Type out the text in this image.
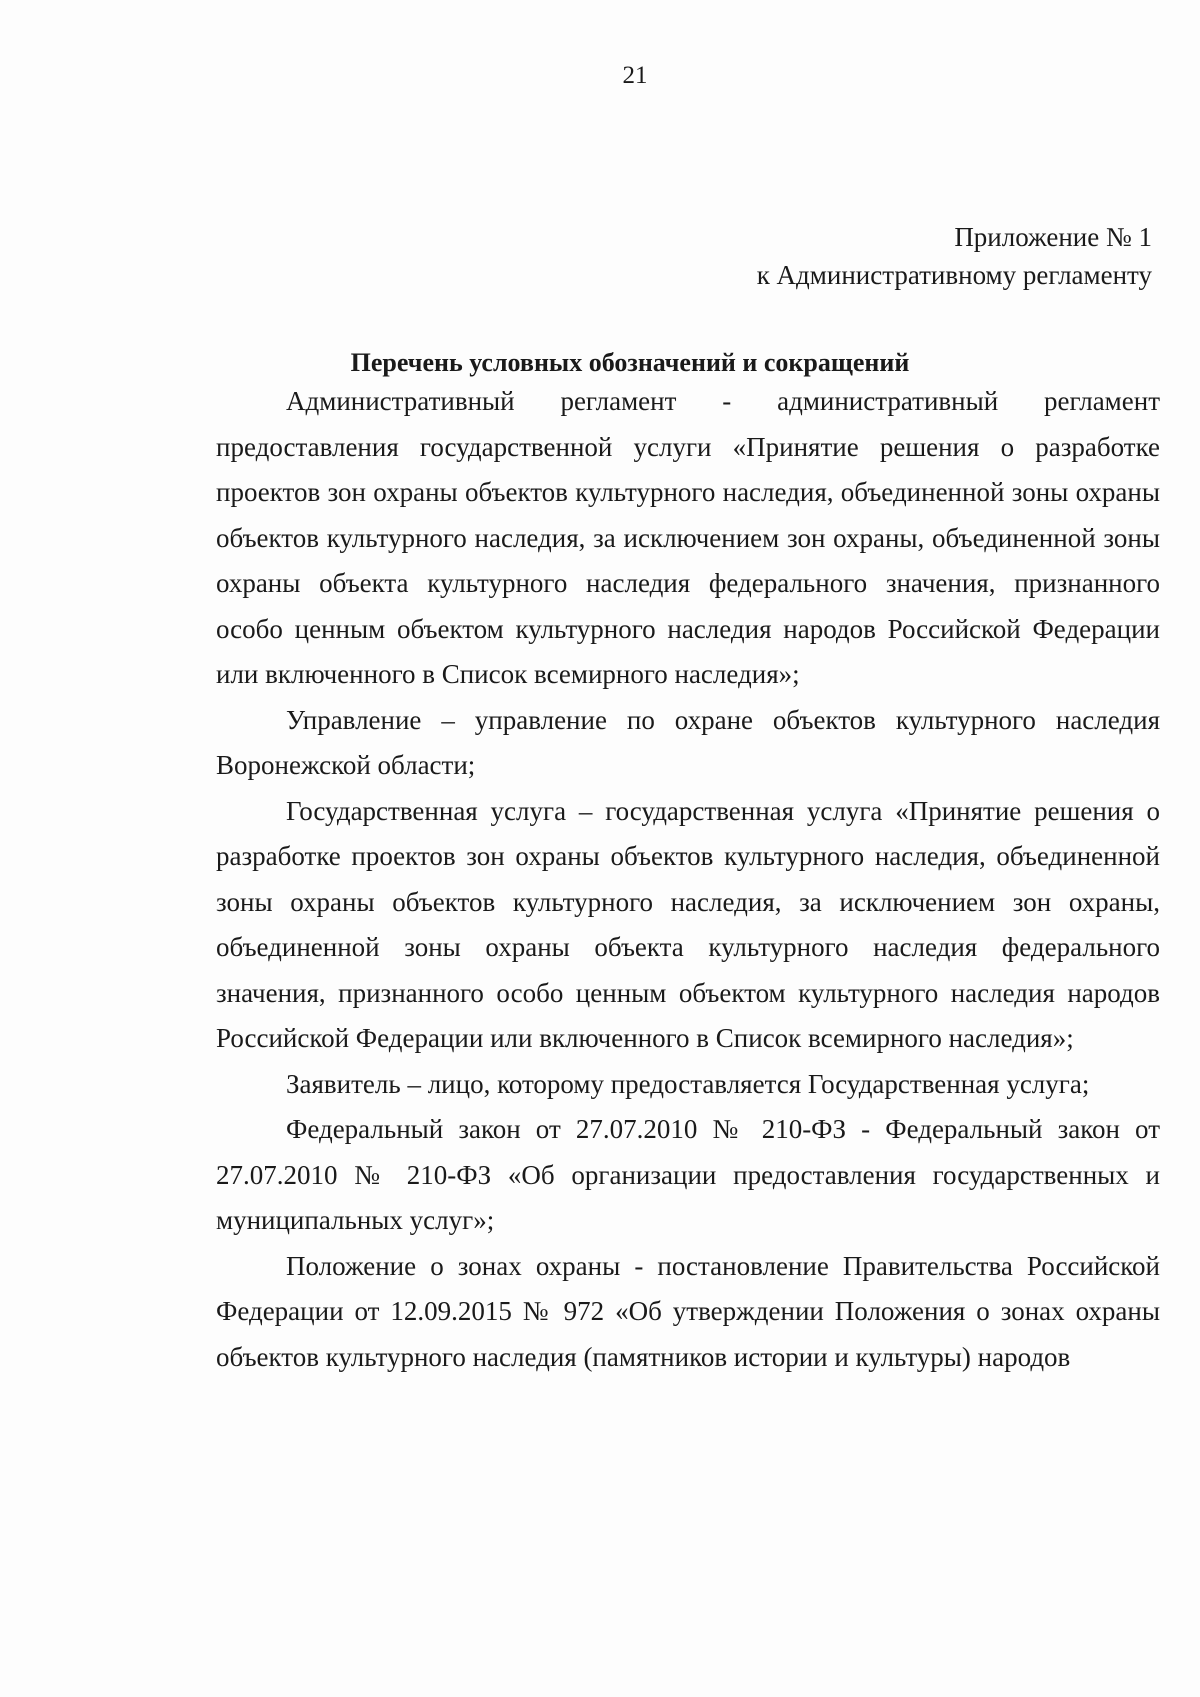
21
Приложение № 1
к Административному регламенту
Перечень условных обозначений и сокращений

Административный регламент - административный регламент предоставления государственной услуги «Принятие решения о разработке проектов зон охраны объектов культурного наследия, объединенной зоны охраны объектов культурного наследия, за исключением зон охраны, объединенной зоны охраны объекта культурного наследия федерального значения, признанного особо ценным объектом культурного наследия народов Российской Федерации или включенного в Список всемирного наследия»;

Управление – управление по охране объектов культурного наследия Воронежской области;

Государственная услуга – государственная услуга «Принятие решения о разработке проектов зон охраны объектов культурного наследия, объединенной зоны охраны объектов культурного наследия, за исключением зон охраны, объединенной зоны охраны объекта культурного наследия федерального значения, признанного особо ценным объектом культурного наследия народов Российской Федерации или включенного в Список всемирного наследия»;

Заявитель – лицо, которому предоставляется Государственная услуга;

Федеральный закон от 27.07.2010 № 210-ФЗ - Федеральный закон от 27.07.2010 № 210-ФЗ «Об организации предоставления государственных и муниципальных услуг»;

Положение о зонах охраны - постановление Правительства Российской Федерации от 12.09.2015 № 972 «Об утверждении Положения о зонах охраны объектов культурного наследия (памятников истории и культуры) народов
